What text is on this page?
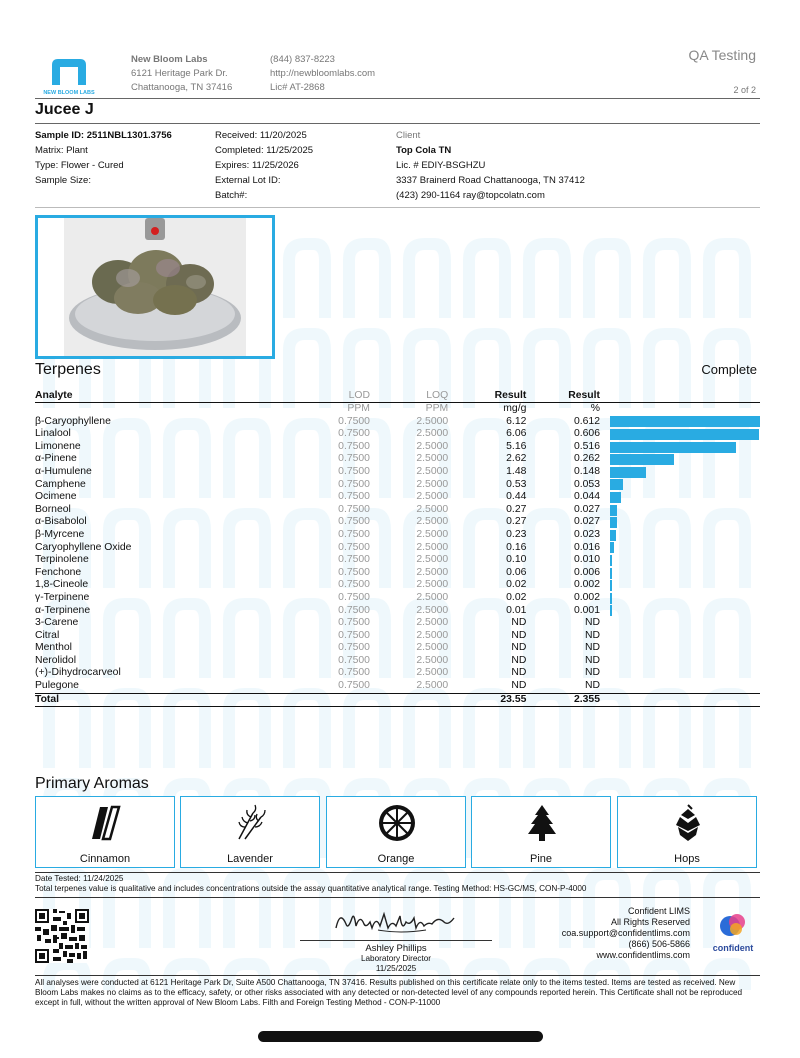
NEW BLOOM LABS
New Bloom Labs
6121 Heritage Park Dr.
Chattanooga, TN 37416
(844) 837-8223
http://newbloomlabs.com
Lic# AT-2868
QA Testing
2 of 2
Jucee J
Sample ID: 2511NBL1301.3756
Matrix: Plant
Type: Flower - Cured
Sample Size:
Received: 11/20/2025
Completed: 11/25/2025
Expires: 11/25/2026
External Lot ID:
Batch#:
Client
Top Cola TN
Lic. # EDIY-BSGHZU
3337 Brainerd Road Chattanooga, TN 37412
(423) 290-1164 ray@topcolatn.com
Terpenes	Complete
Analyte	LOD	LOQ	Result	Result	
	PPM	PPM	mg/g	%	
β-Caryophyllene	0.7500	2.5000	6.12	0.612	

Linalool	0.7500	2.5000	6.06	0.606	

Limonene	0.7500	2.5000	5.16	0.516	

α-Pinene	0.7500	2.5000	2.62	0.262	

α-Humulene	0.7500	2.5000	1.48	0.148	

Camphene	0.7500	2.5000	0.53	0.053	

Ocimene	0.7500	2.5000	0.44	0.044	

Borneol	0.7500	2.5000	0.27	0.027	

α-Bisabolol	0.7500	2.5000	0.27	0.027	

β-Myrcene	0.7500	2.5000	0.23	0.023	

Caryophyllene Oxide	0.7500	2.5000	0.16	0.016	

Terpinolene	0.7500	2.5000	0.10	0.010	

Fenchone	0.7500	2.5000	0.06	0.006	

1,8-Cineole	0.7500	2.5000	0.02	0.002	

γ-Terpinene	0.7500	2.5000	0.02	0.002	

α-Terpinene	0.7500	2.5000	0.01	0.001	

3-Carene	0.7500	2.5000	ND	ND	
Citral	0.7500	2.5000	ND	ND	
Menthol	0.7500	2.5000	ND	ND	
Nerolidol	0.7500	2.5000	ND	ND	
(+)-Dihydrocarveol	0.7500	2.5000	ND	ND	
Pulegone	0.7500	2.5000	ND	ND	
Total			23.55	2.355	
Primary Aromas
Cinnamon	Lavender	Orange	Pine	Hops
Date Tested: 11/24/2025
Total terpenes value is qualitative and includes concentrations outside the assay quantitative analytical range. Testing Method: HS-GC/MS, CON-P-4000
Ashley Phillips
Laboratory Director
11/25/2025
Confident LIMS
All Rights Reserved
coa.support@confidentlims.com
(866) 506-5866
www.confidentlims.com
confident
All analyses were conducted at 6121 Heritage Park Dr, Suite A500 Chattanooga, TN 37416. Results published on this certificate relate only to the items tested. Items are tested as received. New Bloom Labs makes no claims as to the efficacy, safety, or other risks associated with any detected or non-detected level of any compounds reported herein. This Certificate shall not be reproduced except in full, without the written approval of New Bloom Labs. Filth and Foreign Testing Method - CON-P-11000
